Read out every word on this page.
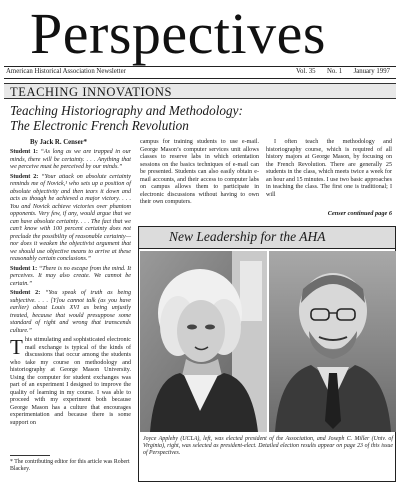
Perspectives
American Historical Association Newsletter	Vol. 35 No. 1 January 1997
TEACHING INNOVATIONS
Teaching Historiography and Methodology:
The Electronic French Revolution
By Jack R. Censer*

Student 1: “As long as we are trapped in our minds, there will be certainty. . . . Anything that we perceive must be perceived by our minds.”

Student 2: “Your attack on absolute certainty reminds me of Novick,¹ who sets up a position of absolute objectivity and then tears it down and acts as though he achieved a major victory. . . . You and Novick achieve victories over phantom opponents. Very few, if any, would argue that we can have absolute certainty. . . . The fact that we can’t know with 100 percent certainty does not preclude the possibility of reasonable certainty—nor does it weaken the objectivist argument that we should use objective means to arrive at these reasonably certain conclusions.”

Student 1: “There is no escape from the mind. It perceives. It may also create. We cannot be certain.”

Student 2: “You speak of truth as being subjective. . . . [Y]ou cannot talk (as you have earlier) about Louis XVI as being unjustly treated, because that would presuppose some standard of right and wrong that transcends culture.”

This stimulating and sophisticated electronic mail exchange is typical of the kinds of discussions that occur among the students who take my course on methodology and historiography at George Mason University. Using the computer for student exchanges was part of an experiment I designed to improve the quality of learning in my course. I was able to proceed with my experiment both because George Mason has a culture that encourages experimentation and because there is some support on

* The contributing editor for this article was Robert Blackey.

campus for training students to use e-mail. George Mason’s computer services unit allows classes to reserve labs in which orientation sessions on the basics techniques of e-mail can be presented. Students can also easily obtain e-mail accounts, and their access to computer labs on campus allows them to participate in electronic discussions without having to own their own computers.

I often teach the methodology and historiography course, which is required of all history majors at George Mason, by focusing on the French Revolution. There are generally 25 students in the class, which meets twice a week for an hour and 15 minutes. I use two basic approaches in teaching the class. The first one is traditional; I will

Censer continued page 6
New Leadership for the AHA
Joyce Appleby (UCLA), left, was elected president of the Association, and Joseph C. Miller (Univ. of Virginia), right, was selected as president-elect. Detailed election results appear on page 23 of this issue of Perspectives.
